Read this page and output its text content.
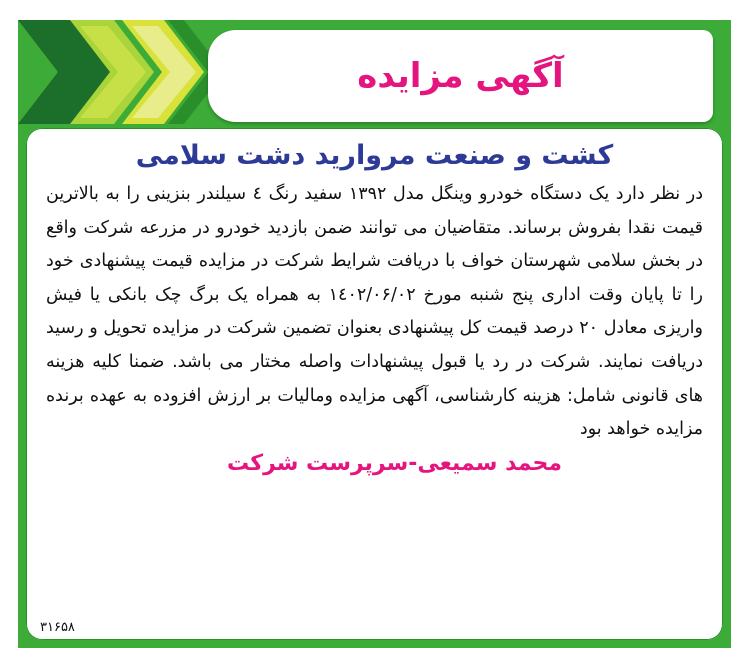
آگهی مزایده
کشت و صنعت مروارید دشت سلامی

در نظر دارد یک دستگاه خودرو وینگل مدل ۱۳۹۲ سفید رنگ ٤ سیلندر بنزینی را به بالاترین قیمت نقدا بفروش برساند. متقاضیان می توانند ضمن بازدید خودرو در مزرعه شرکت واقع در بخش سلامی شهرستان خواف با دریافت شرایط شرکت در مزایده قیمت پیشنهادی خود را تا پایان وقت اداری پنج شنبه مورخ ۱٤۰۲/۰۶/۰۲ به همراه یک برگ چک بانکی یا فیش واریزی معادل ۲۰ درصد قیمت کل پیشنهادی بعنوان تضمین شرکت در مزایده تحویل و رسید دریافت نمایند. شرکت در رد یا قبول پیشنهادات واصله مختار می باشد. ضمنا کلیه هزینه های قانونی شامل: هزینه کارشناسی، آگهی مزایده ومالیات بر ارزش افزوده به عهده برنده مزایده خواهد بود

محمد سمیعی-سرپرست شرکت
۳۱۶۵۸
